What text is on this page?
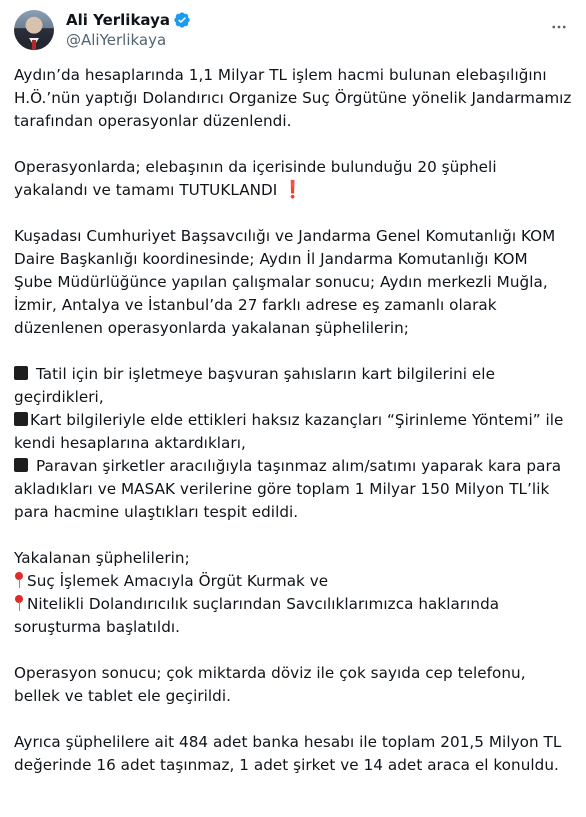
Ali Yerlikaya
@AliYerlikaya
Aydın’da hesaplarında 1,1 Milyar TL işlem hacmi bulunan elebaşılığını
H.Ö.’nün yaptığı Dolandırıcı Organize Suç Örgütüne yönelik Jandarmamız
tarafından operasyonlar düzenlendi.
Operasyonlarda; elebaşının da içerisinde bulunduğu 20 şüpheli
yakalandı ve tamamı TUTUKLANDI ❗
Kuşadası Cumhuriyet Başsavcılığı ve Jandarma Genel Komutanlığı KOM
Daire Başkanlığı koordinesinde; Aydın İl Jandarma Komutanlığı KOM
Şube Müdürlüğünce yapılan çalışmalar sonucu; Aydın merkezli Muğla,
İzmir, Antalya ve İstanbul’da 27 farklı adrese eş zamanlı olarak
düzenlenen operasyonlarda yakalanan şüphelilerin;
Tatil için bir işletmeye başvuran şahısların kart bilgilerini ele
geçirdikleri,
Kart bilgileriyle elde ettikleri haksız kazançları “Şirinleme Yöntemi” ile
kendi hesaplarına aktardıkları,
Paravan şirketler aracılığıyla taşınmaz alım/satımı yaparak kara para
akladıkları ve MASAK verilerine göre toplam 1 Milyar 150 Milyon TL’lik
para hacmine ulaştıkları tespit edildi.
Yakalanan şüphelilerin;
Suç İşlemek Amacıyla Örgüt Kurmak ve
Nitelikli Dolandırıcılık suçlarından Savcılıklarımızca haklarında
soruşturma başlatıldı.
Operasyon sonucu; çok miktarda döviz ile çok sayıda cep telefonu,
bellek ve tablet ele geçirildi.
Ayrıca şüphelilere ait 484 adet banka hesabı ile toplam 201,5 Milyon TL
değerinde 16 adet taşınmaz, 1 adet şirket ve 14 adet araca el konuldu.
